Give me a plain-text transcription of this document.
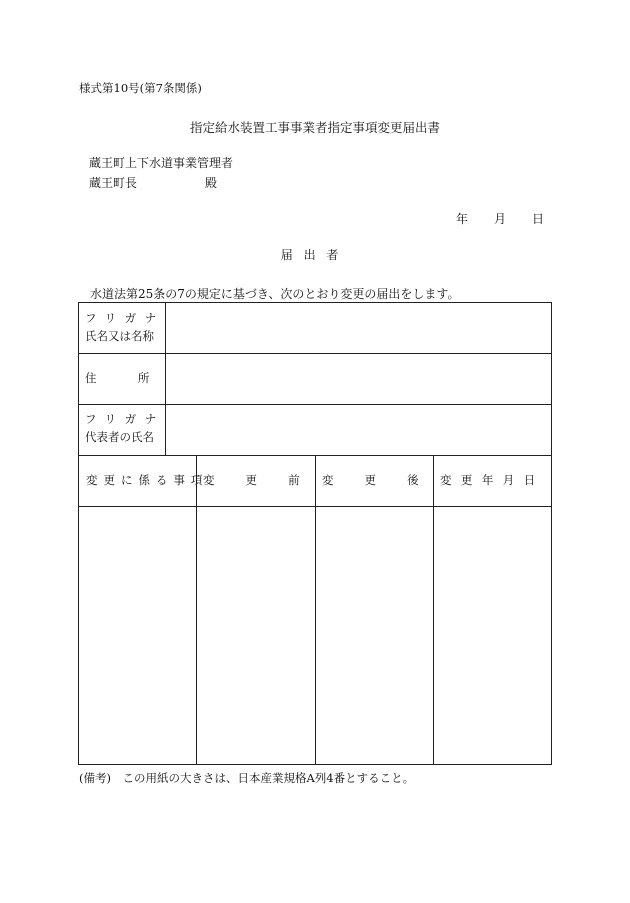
様式第10号(第7条関係)
指定給水装置工事事業者指定事項変更届出書
蔵王町上下水道事業管理者
蔵王町長	殿
年 月 日
届出者
水道法第25条の7の規定に基づき、次のとおり変更の届出をします。
フリガナ
氏名又は名称
住所
フリガナ
代表者の氏名
変更に係る事項
変更前
変更後
変更年月日
(備考)　この用紙の大きさは、日本産業規格A列4番とすること。
